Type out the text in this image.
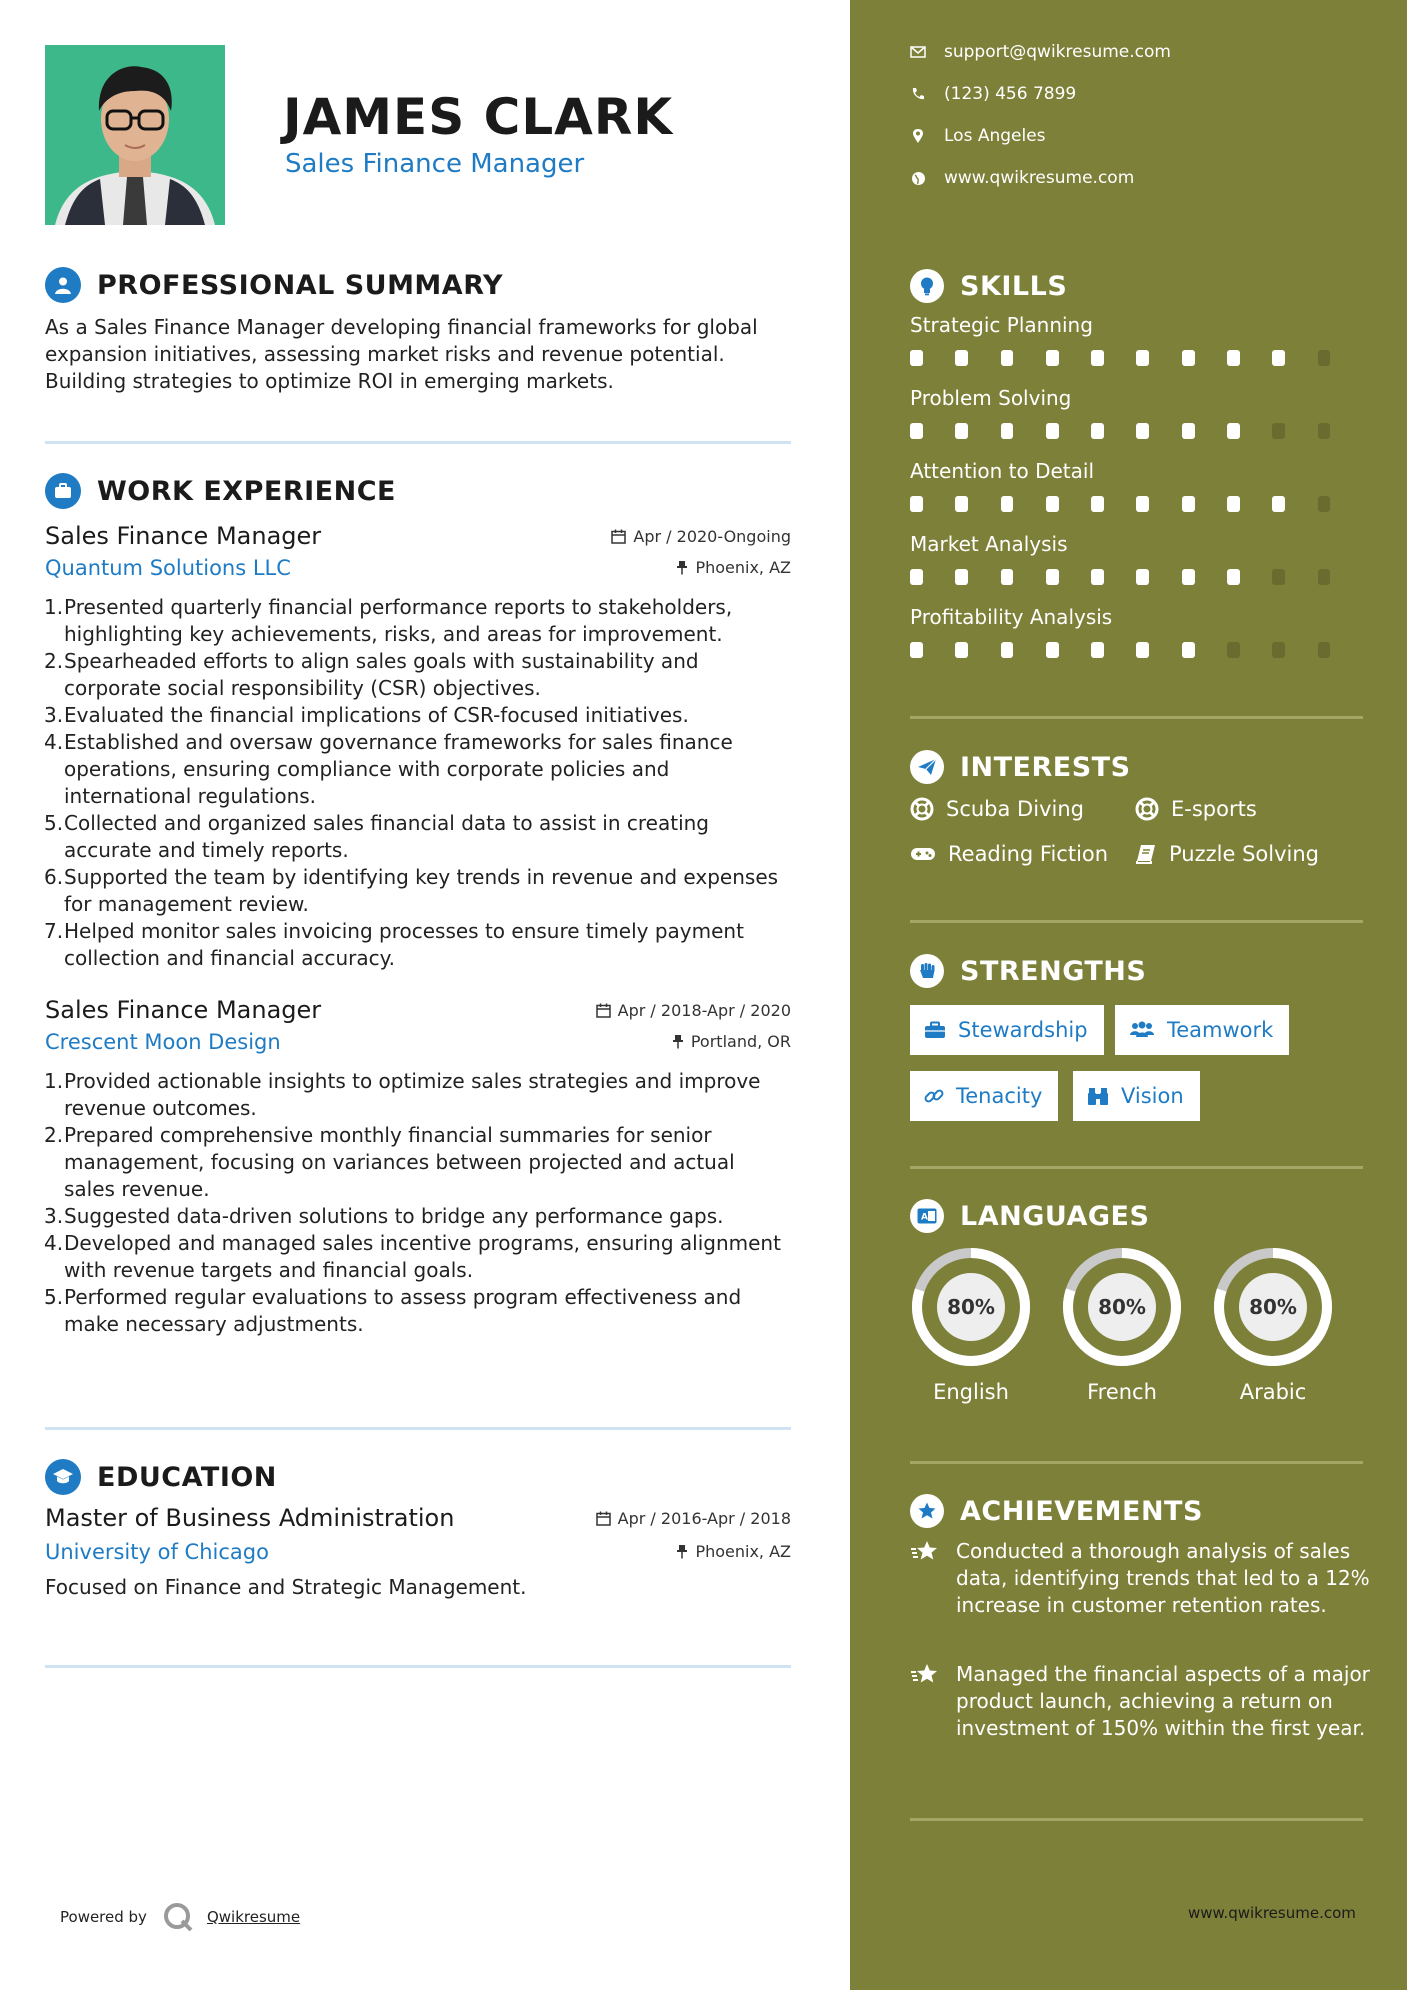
JAMES CLARK
Sales Finance Manager
PROFESSIONAL SUMMARY
As a Sales Finance Manager developing financial frameworks for global expansion initiatives, assessing market risks and revenue potential. Building strategies to optimize ROI in emerging markets.
WORK EXPERIENCE
Sales Finance Manager	Apr / 2020-Ongoing
Quantum Solutions LLC	Phoenix, AZ
1. Presented quarterly financial performance reports to stakeholders, highlighting key achievements, risks, and areas for improvement.
2. Spearheaded efforts to align sales goals with sustainability and corporate social responsibility (CSR) objectives.
3. Evaluated the financial implications of CSR-focused initiatives.
4. Established and oversaw governance frameworks for sales finance operations, ensuring compliance with corporate policies and international regulations.
5. Collected and organized sales financial data to assist in creating accurate and timely reports.
6. Supported the team by identifying key trends in revenue and expenses for management review.
7. Helped monitor sales invoicing processes to ensure timely payment collection and financial accuracy.
Sales Finance Manager	Apr / 2018-Apr / 2020
Crescent Moon Design	Portland, OR
1. Provided actionable insights to optimize sales strategies and improve revenue outcomes.
2. Prepared comprehensive monthly financial summaries for senior management, focusing on variances between projected and actual sales revenue.
3. Suggested data-driven solutions to bridge any performance gaps.
4. Developed and managed sales incentive programs, ensuring alignment with revenue targets and financial goals.
5. Performed regular evaluations to assess program effectiveness and make necessary adjustments.
EDUCATION
Master of Business Administration	Apr / 2016-Apr / 2018
University of Chicago	Phoenix, AZ
Focused on Finance and Strategic Management.
Powered by	Qwikresume
support@qwikresume.com
(123) 456 7899
Los Angeles
www.qwikresume.com
SKILLS
Strategic Planning
Problem Solving
Attention to Detail
Market Analysis
Profitability Analysis
INTERESTS
Scuba Diving	E-sports
Reading Fiction	Puzzle Solving
STRENGTHS
Stewardship	Teamwork
Tenacity	Vision
A LANGUAGES
80%
English
80%
French
80%
Arabic
ACHIEVEMENTS
Conducted a thorough analysis of sales data, identifying trends that led to a 12% increase in customer retention rates.
Managed the financial aspects of a major product launch, achieving a return on investment of 150% within the first year.
www.qwikresume.com
